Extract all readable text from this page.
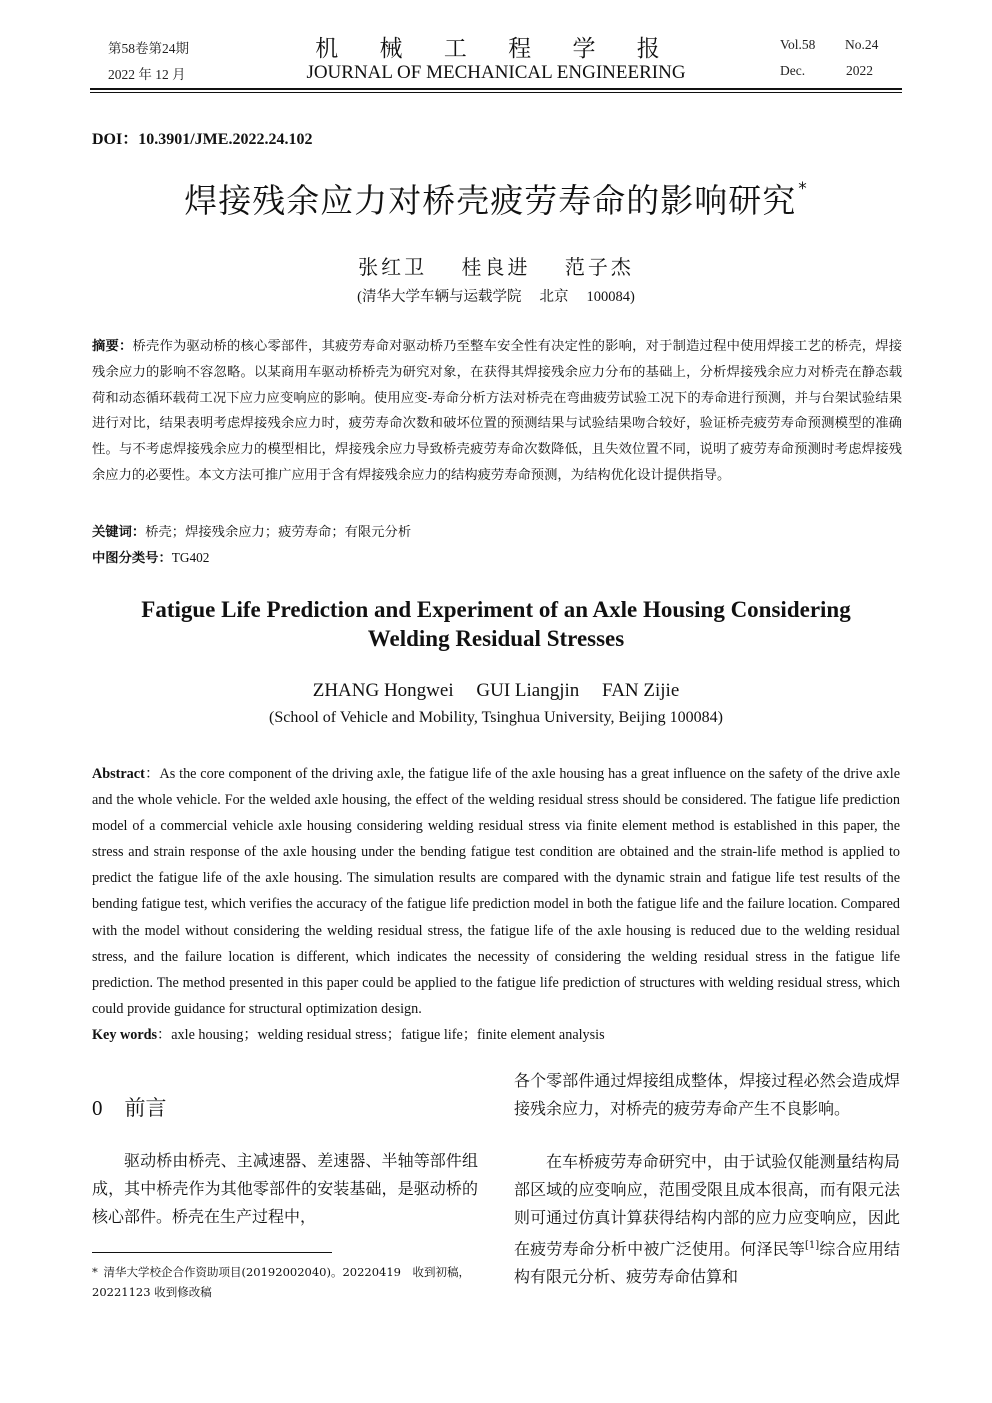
第58卷第24期
2022 年 12 月
机 械 工 程 学 报
JOURNAL OF MECHANICAL ENGINEERING
Vol.58 No.24
Dec.	2022
DOI：10.3901/JME.2022.24.102
焊接残余应力对桥壳疲劳寿命的影响研究 *
张红卫 桂良进 范子杰
(清华大学车辆与运载学院 北京 100084)
摘要：桥壳作为驱动桥的核心零部件，其疲劳寿命对驱动桥乃至整车安全性有决定性的影响，对于制造过程中使用焊接工艺的桥壳，焊接残余应力的影响不容忽略。以某商用车驱动桥桥壳为研究对象，在获得其焊接残余应力分布的基础上，分析焊接残余应力对桥壳在静态载荷和动态循环载荷工况下应力应变响应的影响。使用应变-寿命分析方法对桥壳在弯曲疲劳试验工况下的寿命进行预测，并与台架试验结果进行对比，结果表明考虑焊接残余应力时，疲劳寿命次数和破坏位置的预测结果与试验结果吻合较好，验证桥壳疲劳寿命预测模型的准确性。与不考虑焊接残余应力的模型相比，焊接残余应力导致桥壳疲劳寿命次数降低，且失效位置不同，说明了疲劳寿命预测时考虑焊接残余应力的必要性。本文方法可推广应用于含有焊接残余应力的结构疲劳寿命预测，为结构优化设计提供指导。
关键词：桥壳；焊接残余应力；疲劳寿命；有限元分析
中图分类号：TG402
Fatigue Life Prediction and Experiment of an Axle Housing Considering
Welding Residual Stresses
ZHANG Hongwei GUI Liangjin FAN Zijie
(School of Vehicle and Mobility, Tsinghua University, Beijing 100084)
Abstract：As the core component of the driving axle, the fatigue life of the axle housing has a great influence on the safety of the drive axle and the whole vehicle. For the welded axle housing, the effect of the welding residual stress should be considered. The fatigue life prediction model of a commercial vehicle axle housing considering welding residual stress via finite element method is established in this paper, the stress and strain response of the axle housing under the bending fatigue test condition are obtained and the strain-life method is applied to predict the fatigue life of the axle housing. The simulation results are compared with the dynamic strain and fatigue life test results of the bending fatigue test, which verifies the accuracy of the fatigue life prediction model in both the fatigue life and the failure location. Compared with the model without considering the welding residual stress, the fatigue life of the axle housing is reduced due to the welding residual stress, and the failure location is different, which indicates the necessity of considering the welding residual stress in the fatigue life prediction. The method presented in this paper could be applied to the fatigue life prediction of structures with welding residual stress, which could provide guidance for structural optimization design.
Key words：axle housing；welding residual stress；fatigue life；finite element analysis
0 前言
驱动桥由桥壳、主减速器、差速器、半轴等部件组成，其中桥壳作为其他零部件的安装基础，是驱动桥的核心部件。桥壳在生产过程中，
各个零部件通过焊接组成整体，焊接过程必然会造成焊接残余应力，对桥壳的疲劳寿命产生不良影响。
在车桥疲劳寿命研究中，由于试验仅能测量结构局部区域的应变响应，范围受限且成本很高，而有限元法则可通过仿真计算获得结构内部的应力应变响应，因此在疲劳寿命分析中被广泛使用。何泽民等[1]综合应用结构有限元分析、疲劳寿命估算和
*  清华大学校企合作资助项目(20192002040)。20220419　收到初稿，20221123 收到修改稿
